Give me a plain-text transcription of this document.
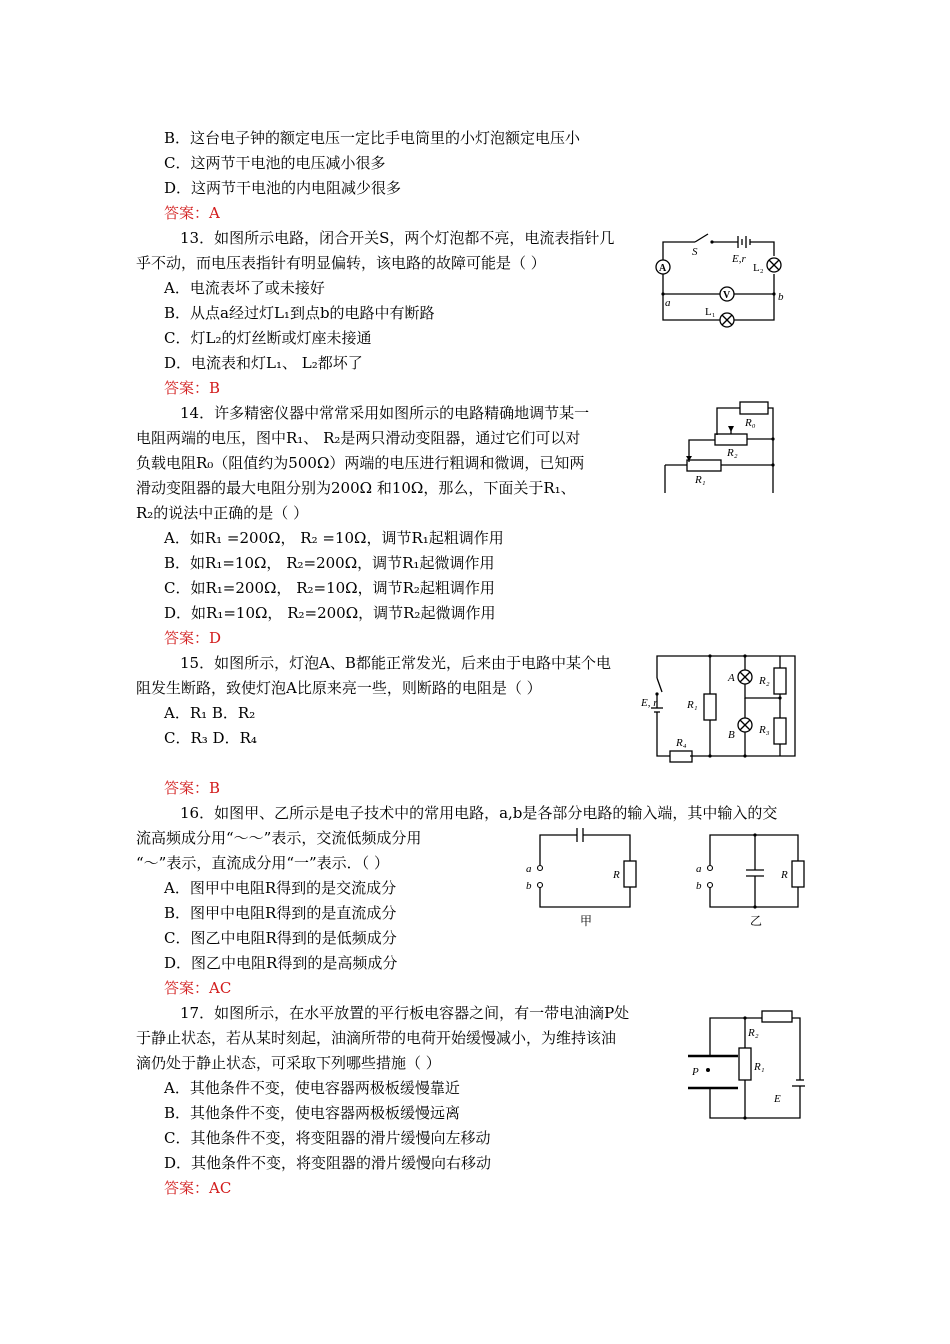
B．这台电子钟的额定电压一定比手电筒里的小灯泡额定电压小
C．这两节干电池的电压减小很多
D．这两节干电池的内电阻减少很多
答案：A
13．如图所示电路，闭合开关S，两个灯泡都不亮，电流表指针几
乎不动，而电压表指针有明显偏转，该电路的故障可能是（ ）
A．电流表坏了或未接好
B．从点a经过灯L₁到点b的电路中有断路
C．灯L₂的灯丝断或灯座未接通
D．电流表和灯L₁、 L₂都坏了
答案：B
A
V
S
E,r
L₂
L₁
a	b
14．许多精密仪器中常常采用如图所示的电路精确地调节某一
电阻两端的电压，图中R₁、 R₂是两只滑动变阻器，通过它们可以对
负载电阻R₀（阻值约为500Ω）两端的电压进行粗调和微调，已知两
滑动变阻器的最大电阻分别为200Ω 和10Ω，那么，下面关于R₁、
R₂的说法中正确的是（ ）
A．如R₁ =200Ω， R₂ =10Ω，调节R₁起粗调作用
B．如R₁=10Ω， R₂=200Ω，调节R₁起微调作用
C．如R₁=200Ω， R₂=10Ω，调节R₂起粗调作用
D．如R₁=10Ω， R₂=200Ω，调节R₂起微调作用
答案：D
R₀
R₂
R₁
15．如图所示，灯泡A、B都能正常发光，后来由于电路中某个电
阻发生断路，致使灯泡A比原来亮一些，则断路的电阻是（ ）
A．R₁ B．R₂
C．R₃ D．R₄
答案：B
E, r	R₁
R₂
R₃
R₄
A
B
16．如图甲、乙所示是电子技术中的常用电路，a,b是各部分电路的输入端，其中输入的交
流高频成分用“～～”表示，交流低频成分用
“～”表示，直流成分用“一”表示．（ ）
A．图甲中电阻R得到的是交流成分
B．图甲中电阻R得到的是直流成分
C．图乙中电阻R得到的是低频成分
D．图乙中电阻R得到的是高频成分
答案：AC
a
b
R
甲
a
b
R
乙
17．如图所示，在水平放置的平行板电容器之间，有一带电油滴P处
于静止状态，若从某时刻起，油滴所带的电荷开始缓慢减小，为维持该油
滴仍处于静止状态，可采取下列哪些措施（ ）
A．其他条件不变，使电容器两极板缓慢靠近
B．其他条件不变，使电容器两极板缓慢远离
C．其他条件不变，将变阻器的滑片缓慢向左移动
D．其他条件不变，将变阻器的滑片缓慢向右移动
答案：AC
P	R₁
R₂
E
